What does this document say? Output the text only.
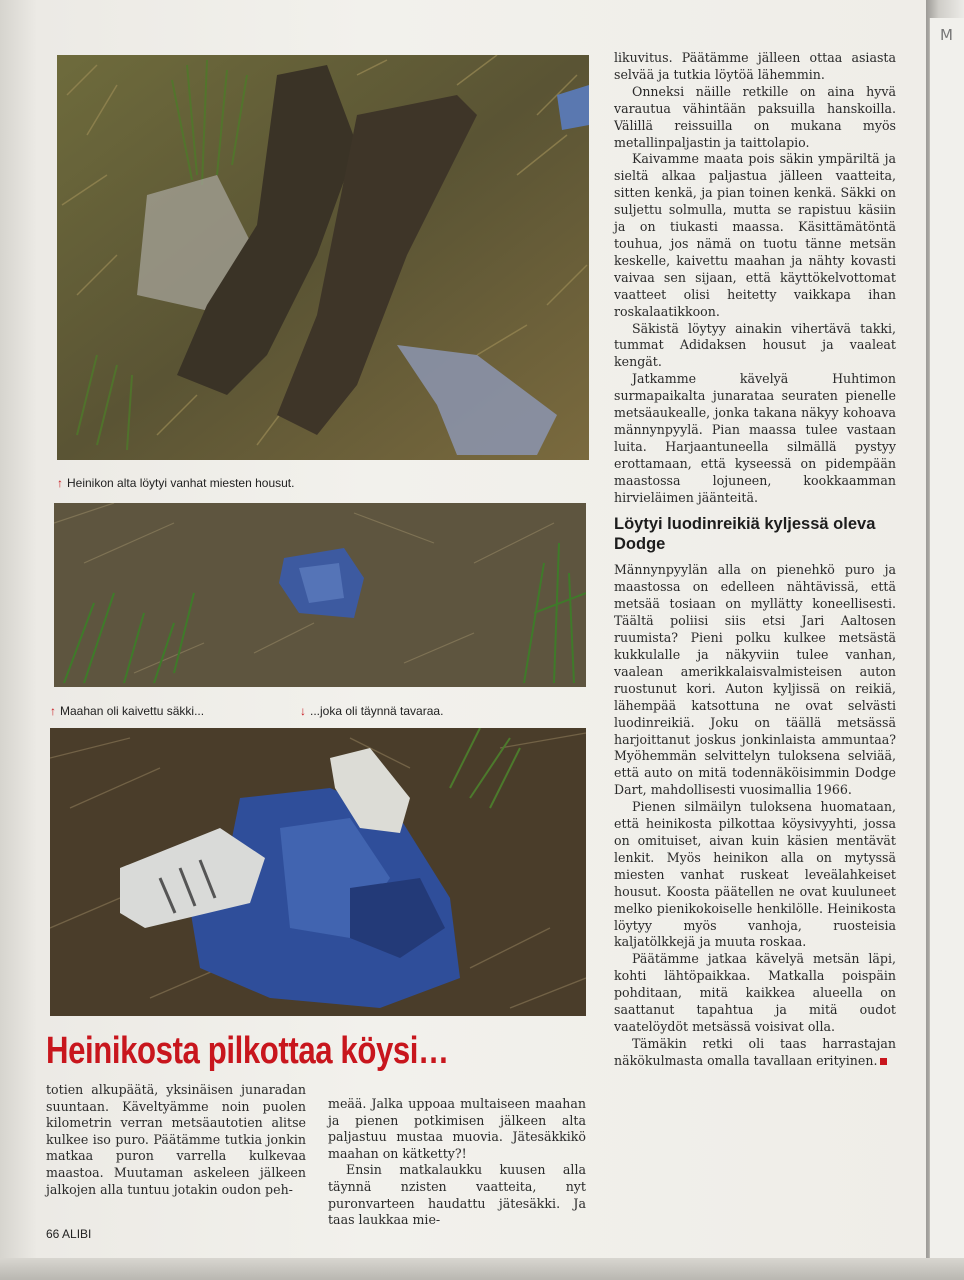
M
↑ Heinikon alta löytyi vanhat miesten housut.
↑ Maahan oli kaivettu säkki...	↓ ...joka oli täynnä tavaraa.
Heinikosta pilkottaa köysi…

totien alkupäätä, yksinäisen junaradan suuntaan. Käveltyämme noin puolen kilometrin verran metsäautotien alitse kulkee iso puro. Päätämme tutkia jonkin matkaa puron varrella kulkevaa maastoa. Muutaman askeleen jälkeen jalkojen alla tuntuu jotakin oudon peh-

meää. Jalka uppoaa multaiseen maahan ja pienen potkimisen jälkeen alta paljastuu mustaa muovia. Jätesäkkikö maahan on kätketty?!

Ensin matkalaukku kuusen alla täynnä nzisten vaatteita, nyt puronvarteen haudattu jätesäkki. Ja taas laukkaa mie-

likuvitus. Päätämme jälleen ottaa asiasta selvää ja tutkia löytöä lähemmin.

Onneksi näille retkille on aina hyvä varautua vähintään paksuilla hanskoilla. Välillä reissuilla on mukana myös metallinpaljastin ja taittolapio.

Kaivamme maata pois säkin ympäriltä ja sieltä alkaa paljastua jälleen vaatteita, sitten kenkä, ja pian toinen kenkä. Säkki on suljettu solmulla, mutta se rapistuu käsiin ja on tiukasti maassa. Käsittämätöntä touhua, jos nämä on tuotu tänne metsän keskelle, kaivettu maahan ja nähty kovasti vaivaa sen sijaan, että käyttökelvottomat vaatteet olisi heitetty vaikkapa ihan roskalaatikkoon.

Säkistä löytyy ainakin vihertävä takki, tummat Adidaksen housut ja vaaleat kengät.

Jatkamme kävelyä Huhtimon surmapaikalta junarataa seuraten pienelle metsäaukealle, jonka takana näkyy kohoava männynpyylä. Pian maassa tulee vastaan luita. Harjaantuneella silmällä pystyy erottamaan, että kyseessä on pidempään maastossa lojuneen, kookkaamman hirvieläimen jäänteitä.

Löytyi luodinreikiä kyljessä oleva Dodge

Männynpyylän alla on pienehkö puro ja maastossa on edelleen nähtävissä, että metsää tosiaan on myllätty koneellisesti. Täältä poliisi siis etsi Jari Aaltosen ruumista? Pieni polku kulkee metsästä kukkulalle ja näkyviin tulee vanhan, vaalean amerikkalaisvalmisteisen auton ruostunut kori. Auton kyljissä on reikiä, lähempää katsottuna ne ovat selvästi luodinreikiä. Joku on täällä metsässä harjoittanut joskus jonkinlaista ammuntaa? Myöhemmän selvittelyn tuloksena selviää, että auto on mitä todennäköisimmin Dodge Dart, mahdollisesti vuosimallia 1966.

Pienen silmäilyn tuloksena huomataan, että heinikosta pilkottaa köysivyyhti, jossa on omituiset, aivan kuin käsien mentävät lenkit. Myös heinikon alla on mytyssä miesten vanhat ruskeat leveälahkeiset housut. Koosta päätellen ne ovat kuuluneet melko pienikokoiselle henkilölle. Heinikosta löytyy myös vanhoja, ruosteisia kaljatölkkejä ja muuta roskaa.

Päätämme jatkaa kävelyä metsän läpi, kohti lähtöpaikkaa. Matkalla poispäin pohditaan, mitä kaikkea alueella on saattanut tapahtua ja mitä oudot vaatelöydöt metsässä voisivat olla.

Tämäkin retki oli taas harrastajan näkökulmasta omalla tavallaan erityinen.

66 ALIBI
